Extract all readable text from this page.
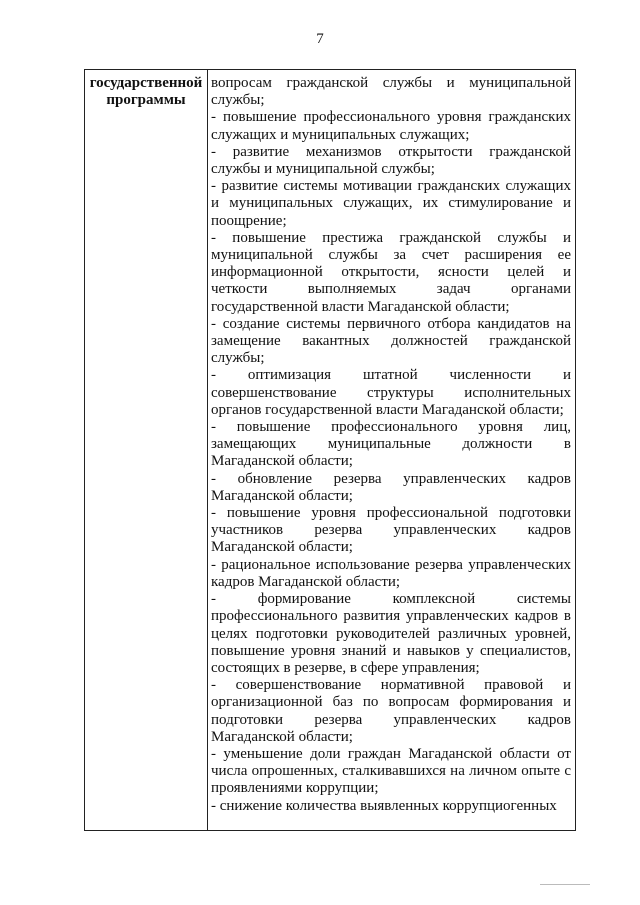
7
государственной
программы

вопросам гражданской службы и муниципальной службы;

- повышение профессионального уровня гражданских служащих и муниципальных служащих;

- развитие механизмов открытости гражданской службы и муниципальной службы;

- развитие системы мотивации гражданских служащих и муниципальных служащих, их стимулирование и поощрение;

- повышение престижа гражданской службы и муниципальной службы за счет расширения ее информационной открытости, ясности целей и четкости выполняемых задач органами государственной власти Магаданской области;

- создание системы первичного отбора кандидатов на замещение вакантных должностей гражданской службы;

- оптимизация штатной численности и совершенствование структуры исполнительных органов государственной власти Магаданской области;

- повышение профессионального уровня лиц, замещающих муниципальные должности в Магаданской области;

- обновление резерва управленческих кадров Магаданской области;

- повышение уровня профессиональной подготовки участников резерва управленческих кадров Магаданской области;

- рациональное использование резерва управленческих кадров Магаданской области;

- формирование комплексной системы профессионального развития управленческих кадров в целях подготовки руководителей различных уровней, повышение уровня знаний и навыков у специалистов, состоящих в резерве, в сфере управления;

- совершенствование нормативной правовой и организационной баз по вопросам формирования и подготовки резерва управленческих кадров Магаданской области;

- уменьшение доли граждан Магаданской области от числа опрошенных, сталкивавшихся на личном опыте с проявлениями коррупции;

- снижение количества выявленных коррупциогенных
